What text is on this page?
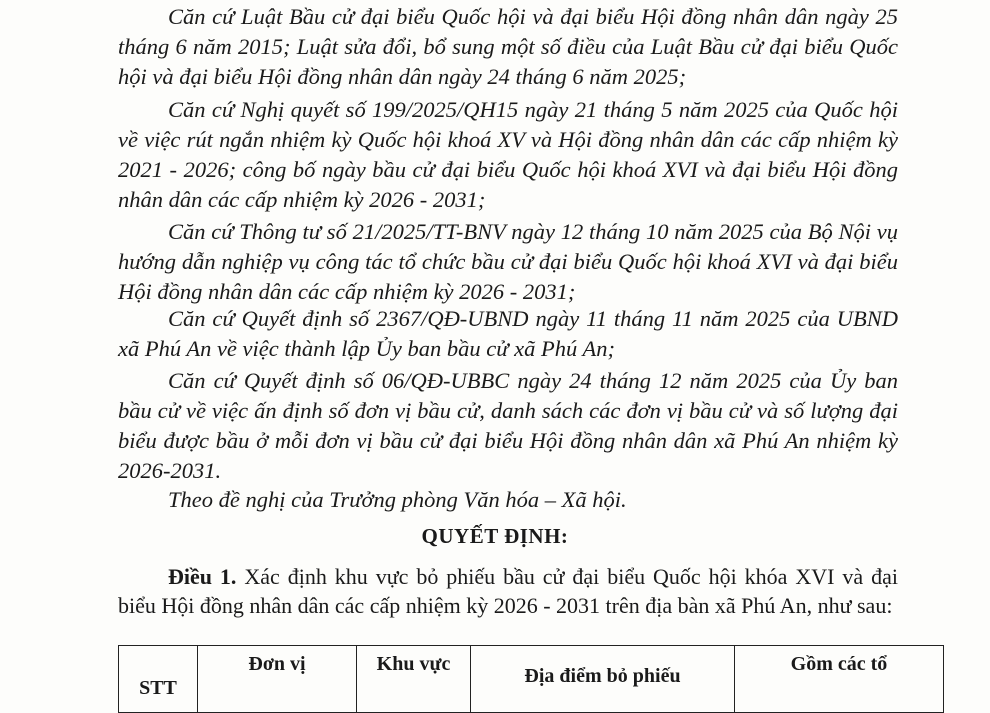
Căn cứ Luật Bầu cử đại biểu Quốc hội và đại biểu Hội đồng nhân dân ngày 25 tháng 6 năm 2015; Luật sửa đổi, bổ sung một số điều của Luật Bầu cử đại biểu Quốc hội và đại biểu Hội đồng nhân dân ngày 24 tháng 6 năm 2025;

Căn cứ Nghị quyết số 199/2025/QH15 ngày 21 tháng 5 năm 2025 của Quốc hội về việc rút ngắn nhiệm kỳ Quốc hội khoá XV và Hội đồng nhân dân các cấp nhiệm kỳ 2021 - 2026; công bố ngày bầu cử đại biểu Quốc hội khoá XVI và đại biểu Hội đồng nhân dân các cấp nhiệm kỳ 2026 - 2031;

Căn cứ Thông tư số 21/2025/TT-BNV ngày 12 tháng 10 năm 2025 của Bộ Nội vụ hướng dẫn nghiệp vụ công tác tổ chức bầu cử đại biểu Quốc hội khoá XVI và đại biểu Hội đồng nhân dân các cấp nhiệm kỳ 2026 - 2031;

Căn cứ Quyết định số 2367/QĐ-UBND ngày 11 tháng 11 năm 2025 của UBND xã Phú An về việc thành lập Ủy ban bầu cử xã Phú An;

Căn cứ Quyết định số 06/QĐ-UBBC ngày 24 tháng 12 năm 2025 của Ủy ban bầu cử về việc ấn định số đơn vị bầu cử, danh sách các đơn vị bầu cử và số lượng đại biểu được bầu ở mỗi đơn vị bầu cử đại biểu Hội đồng nhân dân xã Phú An nhiệm kỳ 2026-2031.

Theo đề nghị của Trưởng phòng Văn hóa – Xã hội.

QUYẾT ĐỊNH:

Điều 1. Xác định khu vực bỏ phiếu bầu cử đại biểu Quốc hội khóa XVI và đại biểu Hội đồng nhân dân các cấp nhiệm kỳ 2026 - 2031 trên địa bàn xã Phú An, như sau:

STT	Đơn vị	Khu vực	Địa điểm bỏ phiếu	Gồm các tổ
